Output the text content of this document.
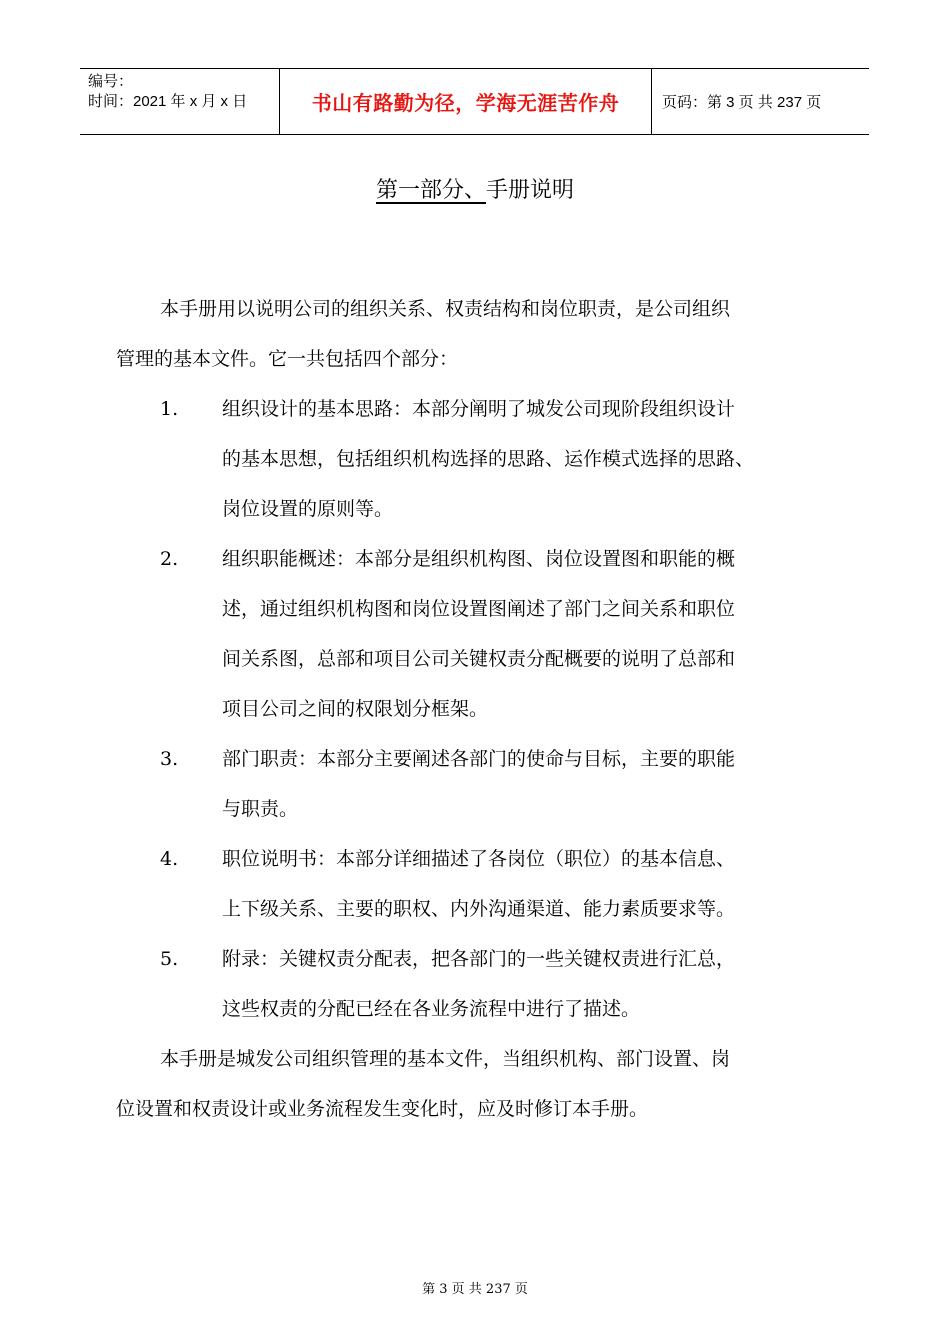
编号：
时间：2021 年 x 月 x 日	书山有路勤为径，学海无涯苦作舟	页码：第 3 页 共 237 页
第一部分、手册说明
本手册用以说明公司的组织关系、权责结构和岗位职责，是公司组织
管理的基本文件。它一共包括四个部分：
1. 组织设计的基本思路：本部分阐明了城发公司现阶段组织设计
的基本思想，包括组织机构选择的思路、运作模式选择的思路、
岗位设置的原则等。
2. 组织职能概述：本部分是组织机构图、岗位设置图和职能的概
述，通过组织机构图和岗位设置图阐述了部门之间关系和职位
间关系图，总部和项目公司关键权责分配概要的说明了总部和
项目公司之间的权限划分框架。
3. 部门职责：本部分主要阐述各部门的使命与目标，主要的职能
与职责。
4. 职位说明书：本部分详细描述了各岗位（职位）的基本信息、
上下级关系、主要的职权、内外沟通渠道、能力素质要求等。
5. 附录：关键权责分配表，把各部门的一些关键权责进行汇总，
这些权责的分配已经在各业务流程中进行了描述。
本手册是城发公司组织管理的基本文件，当组织机构、部门设置、岗
位设置和权责设计或业务流程发生变化时，应及时修订本手册。
第 3 页 共 237 页
